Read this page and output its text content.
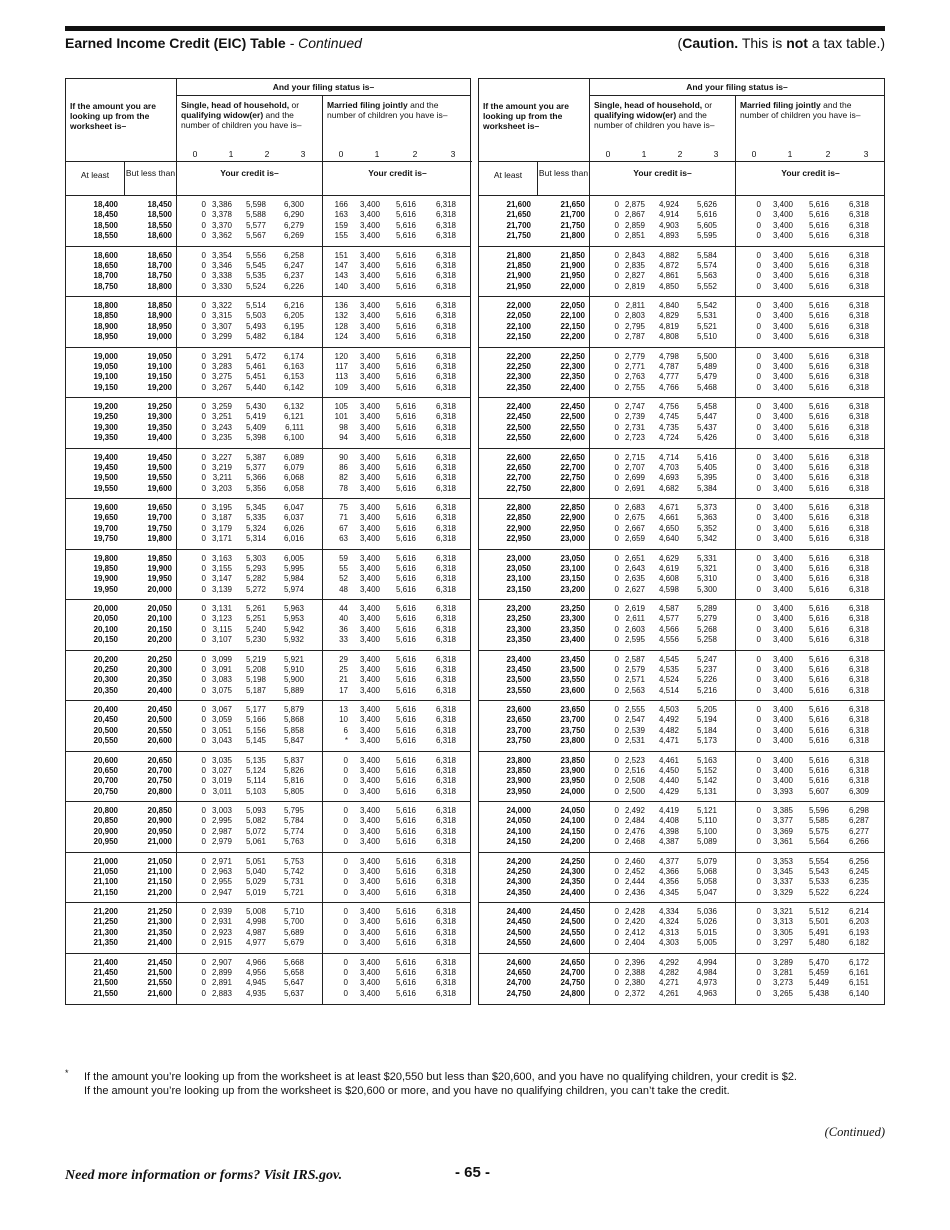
Earned Income Credit (EIC) Table - Continued	(Caution. This is not a tax table.)
And your filing status is–
If the amount you are looking up from the worksheet is–
Single, head of household, or qualifying widow(er) and the number of children you have is–
Married filing jointly and the number of children you have is–
0	1	2	3	0	1	2	3
At least	But less than	Your credit is–	Your credit is–
18,400	18,450	0 3,386	5,598	6,300	166	3,400	5,616	6,318
18,450	18,500	0 3,378	5,588	6,290	163	3,400	5,616	6,318
18,500	18,550	0 3,370	5,577	6,279	159	3,400	5,616	6,318
18,550	18,600	0 3,362	5,567	6,269	155	3,400	5,616	6,318
18,600	18,650	0 3,354	5,556	6,258	151	3,400	5,616	6,318
18,650	18,700	0 3,346	5,545	6,247	147	3,400	5,616	6,318
18,700	18,750	0 3,338	5,535	6,237	143	3,400	5,616	6,318
18,750	18,800	0 3,330	5,524	6,226	140	3,400	5,616	6,318
18,800	18,850	0 3,322	5,514	6,216	136	3,400	5,616	6,318
18,850	18,900	0 3,315	5,503	6,205	132	3,400	5,616	6,318
18,900	18,950	0 3,307	5,493	6,195	128	3,400	5,616	6,318
18,950	19,000	0 3,299	5,482	6,184	124	3,400	5,616	6,318
19,000	19,050	0 3,291	5,472	6,174	120	3,400	5,616	6,318
19,050	19,100	0 3,283	5,461	6,163	117	3,400	5,616	6,318
19,100	19,150	0 3,275	5,451	6,153	113	3,400	5,616	6,318
19,150	19,200	0 3,267	5,440	6,142	109	3,400	5,616	6,318
19,200	19,250	0 3,259	5,430	6,132	105	3,400	5,616	6,318
19,250	19,300	0 3,251	5,419	6,121	101	3,400	5,616	6,318
19,300	19,350	0 3,243	5,409	6,111	98	3,400	5,616	6,318
19,350	19,400	0 3,235	5,398	6,100	94	3,400	5,616	6,318
19,400	19,450	0 3,227	5,387	6,089	90	3,400	5,616	6,318
19,450	19,500	0 3,219	5,377	6,079	86	3,400	5,616	6,318
19,500	19,550	0 3,211	5,366	6,068	82	3,400	5,616	6,318
19,550	19,600	0 3,203	5,356	6,058	78	3,400	5,616	6,318
19,600	19,650	0 3,195	5,345	6,047	75	3,400	5,616	6,318
19,650	19,700	0 3,187	5,335	6,037	71	3,400	5,616	6,318
19,700	19,750	0 3,179	5,324	6,026	67	3,400	5,616	6,318
19,750	19,800	0 3,171	5,314	6,016	63	3,400	5,616	6,318
19,800	19,850	0 3,163	5,303	6,005	59	3,400	5,616	6,318
19,850	19,900	0 3,155	5,293	5,995	55	3,400	5,616	6,318
19,900	19,950	0 3,147	5,282	5,984	52	3,400	5,616	6,318
19,950	20,000	0 3,139	5,272	5,974	48	3,400	5,616	6,318
20,000	20,050	0 3,131	5,261	5,963	44	3,400	5,616	6,318
20,050	20,100	0 3,123	5,251	5,953	40	3,400	5,616	6,318
20,100	20,150	0 3,115	5,240	5,942	36	3,400	5,616	6,318
20,150	20,200	0 3,107	5,230	5,932	33	3,400	5,616	6,318
20,200	20,250	0 3,099	5,219	5,921	29	3,400	5,616	6,318
20,250	20,300	0 3,091	5,208	5,910	25	3,400	5,616	6,318
20,300	20,350	0 3,083	5,198	5,900	21	3,400	5,616	6,318
20,350	20,400	0 3,075	5,187	5,889	17	3,400	5,616	6,318
20,400	20,450	0 3,067	5,177	5,879	13	3,400	5,616	6,318
20,450	20,500	0 3,059	5,166	5,868	10	3,400	5,616	6,318
20,500	20,550	0 3,051	5,156	5,858	6	3,400	5,616	6,318
20,550	20,600	0 3,043	5,145	5,847	*	3,400	5,616	6,318
20,600	20,650	0 3,035	5,135	5,837	0	3,400	5,616	6,318
20,650	20,700	0 3,027	5,124	5,826	0	3,400	5,616	6,318
20,700	20,750	0 3,019	5,114	5,816	0	3,400	5,616	6,318
20,750	20,800	0 3,011	5,103	5,805	0	3,400	5,616	6,318
20,800	20,850	0 3,003	5,093	5,795	0	3,400	5,616	6,318
20,850	20,900	0 2,995	5,082	5,784	0	3,400	5,616	6,318
20,900	20,950	0 2,987	5,072	5,774	0	3,400	5,616	6,318
20,950	21,000	0 2,979	5,061	5,763	0	3,400	5,616	6,318
21,000	21,050	0 2,971	5,051	5,753	0	3,400	5,616	6,318
21,050	21,100	0 2,963	5,040	5,742	0	3,400	5,616	6,318
21,100	21,150	0 2,955	5,029	5,731	0	3,400	5,616	6,318
21,150	21,200	0 2,947	5,019	5,721	0	3,400	5,616	6,318
21,200	21,250	0 2,939	5,008	5,710	0	3,400	5,616	6,318
21,250	21,300	0 2,931	4,998	5,700	0	3,400	5,616	6,318
21,300	21,350	0 2,923	4,987	5,689	0	3,400	5,616	6,318
21,350	21,400	0 2,915	4,977	5,679	0	3,400	5,616	6,318
21,400	21,450	0 2,907	4,966	5,668	0	3,400	5,616	6,318
21,450	21,500	0 2,899	4,956	5,658	0	3,400	5,616	6,318
21,500	21,550	0 2,891	4,945	5,647	0	3,400	5,616	6,318
21,550	21,600	0 2,883	4,935	5,637	0	3,400	5,616	6,318
And your filing status is–
If the amount you are looking up from the worksheet is–
Single, head of household, or qualifying widow(er) and the number of children you have is–
Married filing jointly and the number of children you have is–
0	1	2	3	0	1	2	3
At least	But less than	Your credit is–	Your credit is–
21,600	21,650	0 2,875	4,924	5,626	0	3,400	5,616	6,318
21,650	21,700	0 2,867	4,914	5,616	0	3,400	5,616	6,318
21,700	21,750	0 2,859	4,903	5,605	0	3,400	5,616	6,318
21,750	21,800	0 2,851	4,893	5,595	0	3,400	5,616	6,318
21,800	21,850	0 2,843	4,882	5,584	0	3,400	5,616	6,318
21,850	21,900	0 2,835	4,872	5,574	0	3,400	5,616	6,318
21,900	21,950	0 2,827	4,861	5,563	0	3,400	5,616	6,318
21,950	22,000	0 2,819	4,850	5,552	0	3,400	5,616	6,318
22,000	22,050	0 2,811	4,840	5,542	0	3,400	5,616	6,318
22,050	22,100	0 2,803	4,829	5,531	0	3,400	5,616	6,318
22,100	22,150	0 2,795	4,819	5,521	0	3,400	5,616	6,318
22,150	22,200	0 2,787	4,808	5,510	0	3,400	5,616	6,318
22,200	22,250	0 2,779	4,798	5,500	0	3,400	5,616	6,318
22,250	22,300	0 2,771	4,787	5,489	0	3,400	5,616	6,318
22,300	22,350	0 2,763	4,777	5,479	0	3,400	5,616	6,318
22,350	22,400	0 2,755	4,766	5,468	0	3,400	5,616	6,318
22,400	22,450	0 2,747	4,756	5,458	0	3,400	5,616	6,318
22,450	22,500	0 2,739	4,745	5,447	0	3,400	5,616	6,318
22,500	22,550	0 2,731	4,735	5,437	0	3,400	5,616	6,318
22,550	22,600	0 2,723	4,724	5,426	0	3,400	5,616	6,318
22,600	22,650	0 2,715	4,714	5,416	0	3,400	5,616	6,318
22,650	22,700	0 2,707	4,703	5,405	0	3,400	5,616	6,318
22,700	22,750	0 2,699	4,693	5,395	0	3,400	5,616	6,318
22,750	22,800	0 2,691	4,682	5,384	0	3,400	5,616	6,318
22,800	22,850	0 2,683	4,671	5,373	0	3,400	5,616	6,318
22,850	22,900	0 2,675	4,661	5,363	0	3,400	5,616	6,318
22,900	22,950	0 2,667	4,650	5,352	0	3,400	5,616	6,318
22,950	23,000	0 2,659	4,640	5,342	0	3,400	5,616	6,318
23,000	23,050	0 2,651	4,629	5,331	0	3,400	5,616	6,318
23,050	23,100	0 2,643	4,619	5,321	0	3,400	5,616	6,318
23,100	23,150	0 2,635	4,608	5,310	0	3,400	5,616	6,318
23,150	23,200	0 2,627	4,598	5,300	0	3,400	5,616	6,318
23,200	23,250	0 2,619	4,587	5,289	0	3,400	5,616	6,318
23,250	23,300	0 2,611	4,577	5,279	0	3,400	5,616	6,318
23,300	23,350	0 2,603	4,566	5,268	0	3,400	5,616	6,318
23,350	23,400	0 2,595	4,556	5,258	0	3,400	5,616	6,318
23,400	23,450	0 2,587	4,545	5,247	0	3,400	5,616	6,318
23,450	23,500	0 2,579	4,535	5,237	0	3,400	5,616	6,318
23,500	23,550	0 2,571	4,524	5,226	0	3,400	5,616	6,318
23,550	23,600	0 2,563	4,514	5,216	0	3,400	5,616	6,318
23,600	23,650	0 2,555	4,503	5,205	0	3,400	5,616	6,318
23,650	23,700	0 2,547	4,492	5,194	0	3,400	5,616	6,318
23,700	23,750	0 2,539	4,482	5,184	0	3,400	5,616	6,318
23,750	23,800	0 2,531	4,471	5,173	0	3,400	5,616	6,318
23,800	23,850	0 2,523	4,461	5,163	0	3,400	5,616	6,318
23,850	23,900	0 2,516	4,450	5,152	0	3,400	5,616	6,318
23,900	23,950	0 2,508	4,440	5,142	0	3,400	5,616	6,318
23,950	24,000	0 2,500	4,429	5,131	0	3,393	5,607	6,309
24,000	24,050	0 2,492	4,419	5,121	0	3,385	5,596	6,298
24,050	24,100	0 2,484	4,408	5,110	0	3,377	5,585	6,287
24,100	24,150	0 2,476	4,398	5,100	0	3,369	5,575	6,277
24,150	24,200	0 2,468	4,387	5,089	0	3,361	5,564	6,266
24,200	24,250	0 2,460	4,377	5,079	0	3,353	5,554	6,256
24,250	24,300	0 2,452	4,366	5,068	0	3,345	5,543	6,245
24,300	24,350	0 2,444	4,356	5,058	0	3,337	5,533	6,235
24,350	24,400	0 2,436	4,345	5,047	0	3,329	5,522	6,224
24,400	24,450	0 2,428	4,334	5,036	0	3,321	5,512	6,214
24,450	24,500	0 2,420	4,324	5,026	0	3,313	5,501	6,203
24,500	24,550	0 2,412	4,313	5,015	0	3,305	5,491	6,193
24,550	24,600	0 2,404	4,303	5,005	0	3,297	5,480	6,182
24,600	24,650	0 2,396	4,292	4,994	0	3,289	5,470	6,172
24,650	24,700	0 2,388	4,282	4,984	0	3,281	5,459	6,161
24,700	24,750	0 2,380	4,271	4,973	0	3,273	5,449	6,151
24,750	24,800	0 2,372	4,261	4,963	0	3,265	5,438	6,140
* If the amount you’re looking up from the worksheet is at least $20,550 but less than $20,600, and you have no qualifying children, your credit is $2.

If the amount you’re looking up from the worksheet is $20,600 or more, and you have no qualifying children, you can’t take the credit.

(Continued)
Need more information or forms? Visit IRS.gov.	- 65 -
